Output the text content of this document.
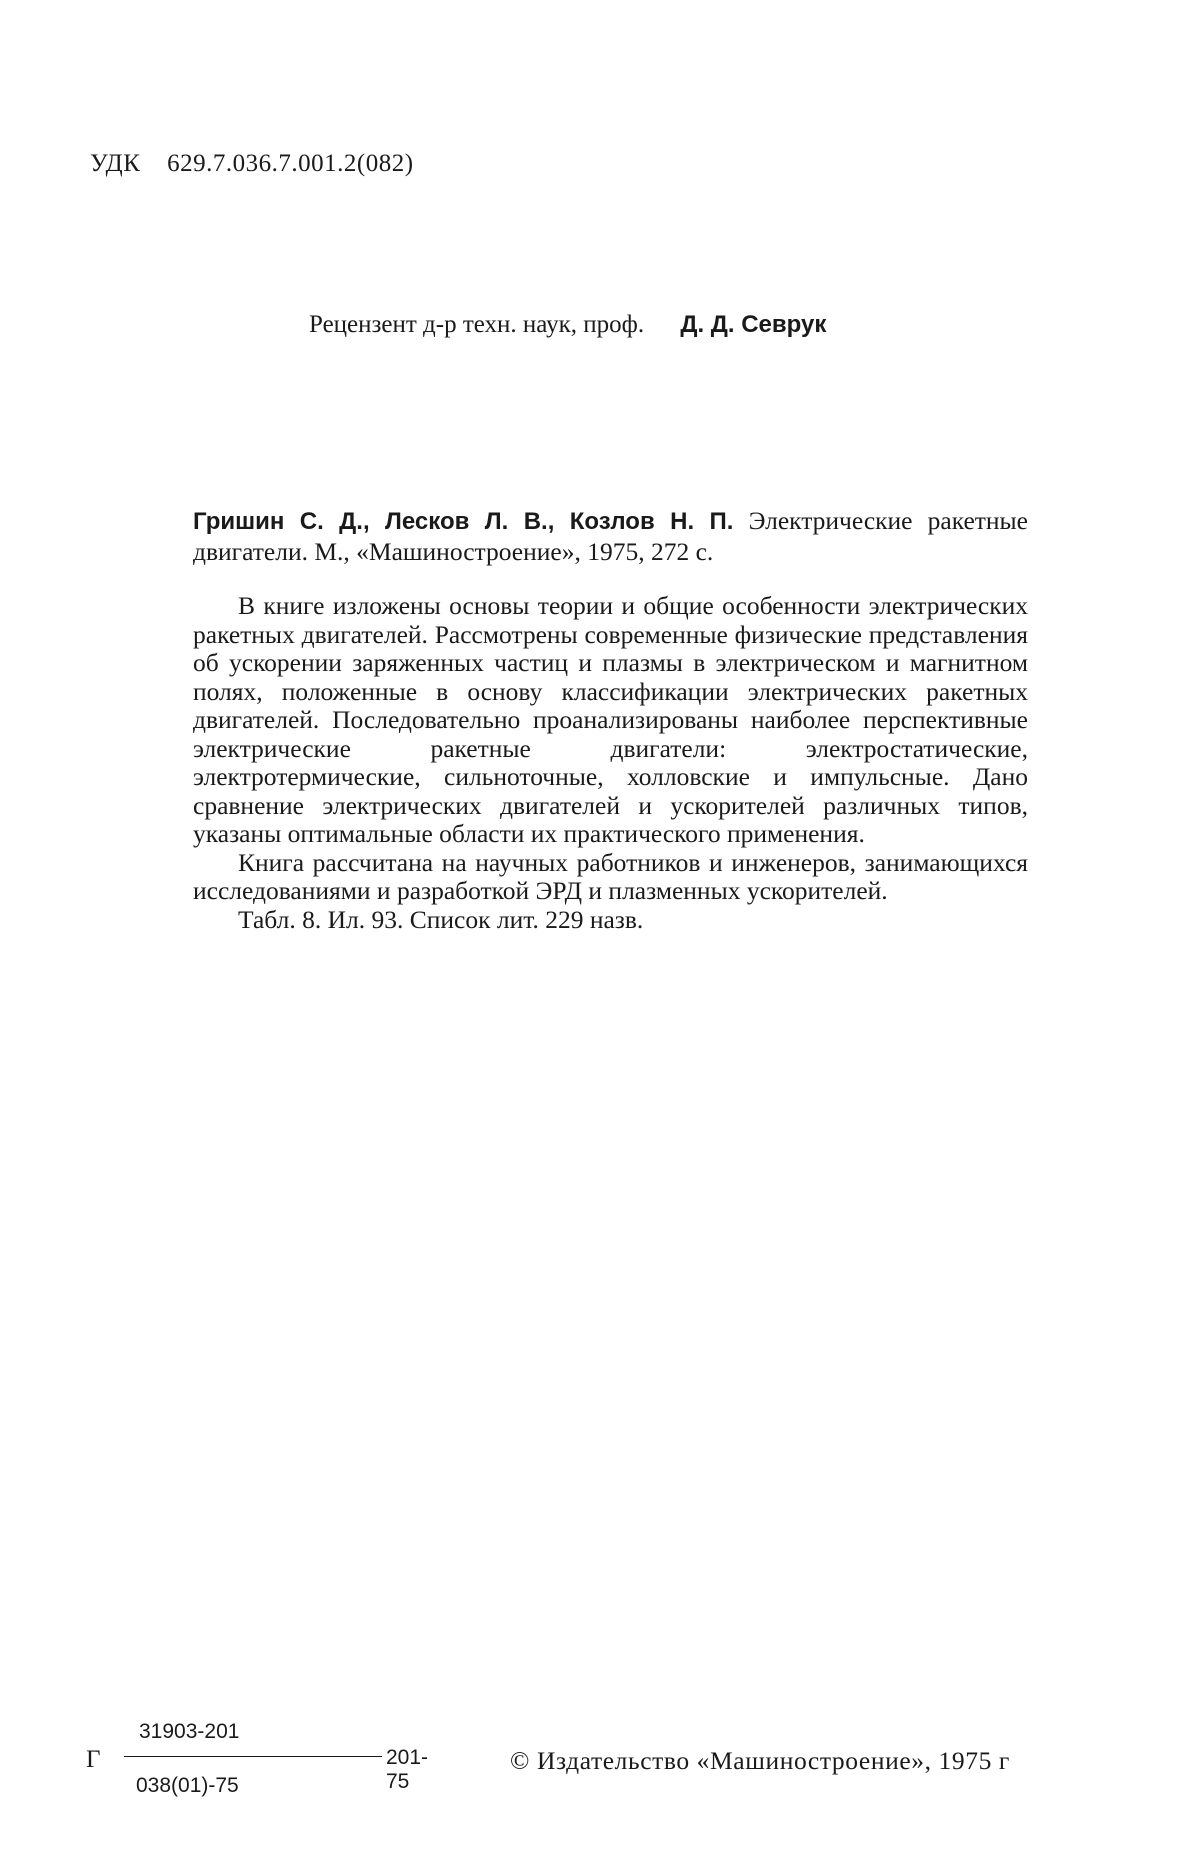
УДК 629.7.036.7.001.2(082)
Рецензент д-р техн. наук, проф. Д. Д. Севрук
Гришин С. Д., Лесков Л. В., Козлов Н. П. Электрические ракетные двигатели. М., «Машиностроение», 1975, 272 с.

В книге изложены основы теории и общие особенности электрических ракетных двигателей. Рассмотрены современные физические представления об ускорении заряженных частиц и плазмы в электрическом и магнитном полях, положенные в основу классификации электрических ракетных двигателей. Последовательно проанализированы наиболее перспективные электрические ракетные двигатели: электростатические, электротермические, сильноточные, холловские и импульсные. Дано сравнение электрических двигателей и ускорителей различных типов, указаны оптимальные области их практического применения.

Книга рассчитана на научных работников и инженеров, занимающихся исследованиями и разработкой ЭРД и плазменных ускорителей.

Табл. 8. Ил. 93. Список лит. 229 назв.

Г
31903-201
201-75
038(01)-75
© Издательство «Машиностроение», 1975 г
